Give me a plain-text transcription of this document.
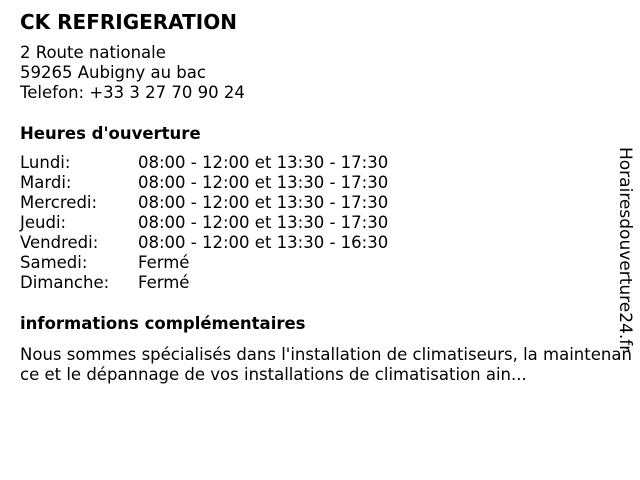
CK REFRIGERATION
2 Route nationale
59265 Aubigny au bac
Telefon: +33 3 27 70 90 24
Heures d'ouverture
Lundi:	08:00 - 12:00 et 13:30 - 17:30
Mardi:	08:00 - 12:00 et 13:30 - 17:30
Mercredi:	08:00 - 12:00 et 13:30 - 17:30
Jeudi:	08:00 - 12:00 et 13:30 - 17:30
Vendredi:	08:00 - 12:00 et 13:30 - 16:30
Samedi:	Fermé
Dimanche:	Fermé
informations complémentaires
Nous sommes spécialisés dans l'installation de climatiseurs, la maintenance et le dépannage de vos installations de climatisation ain...
Horairesdouverture24.fr
